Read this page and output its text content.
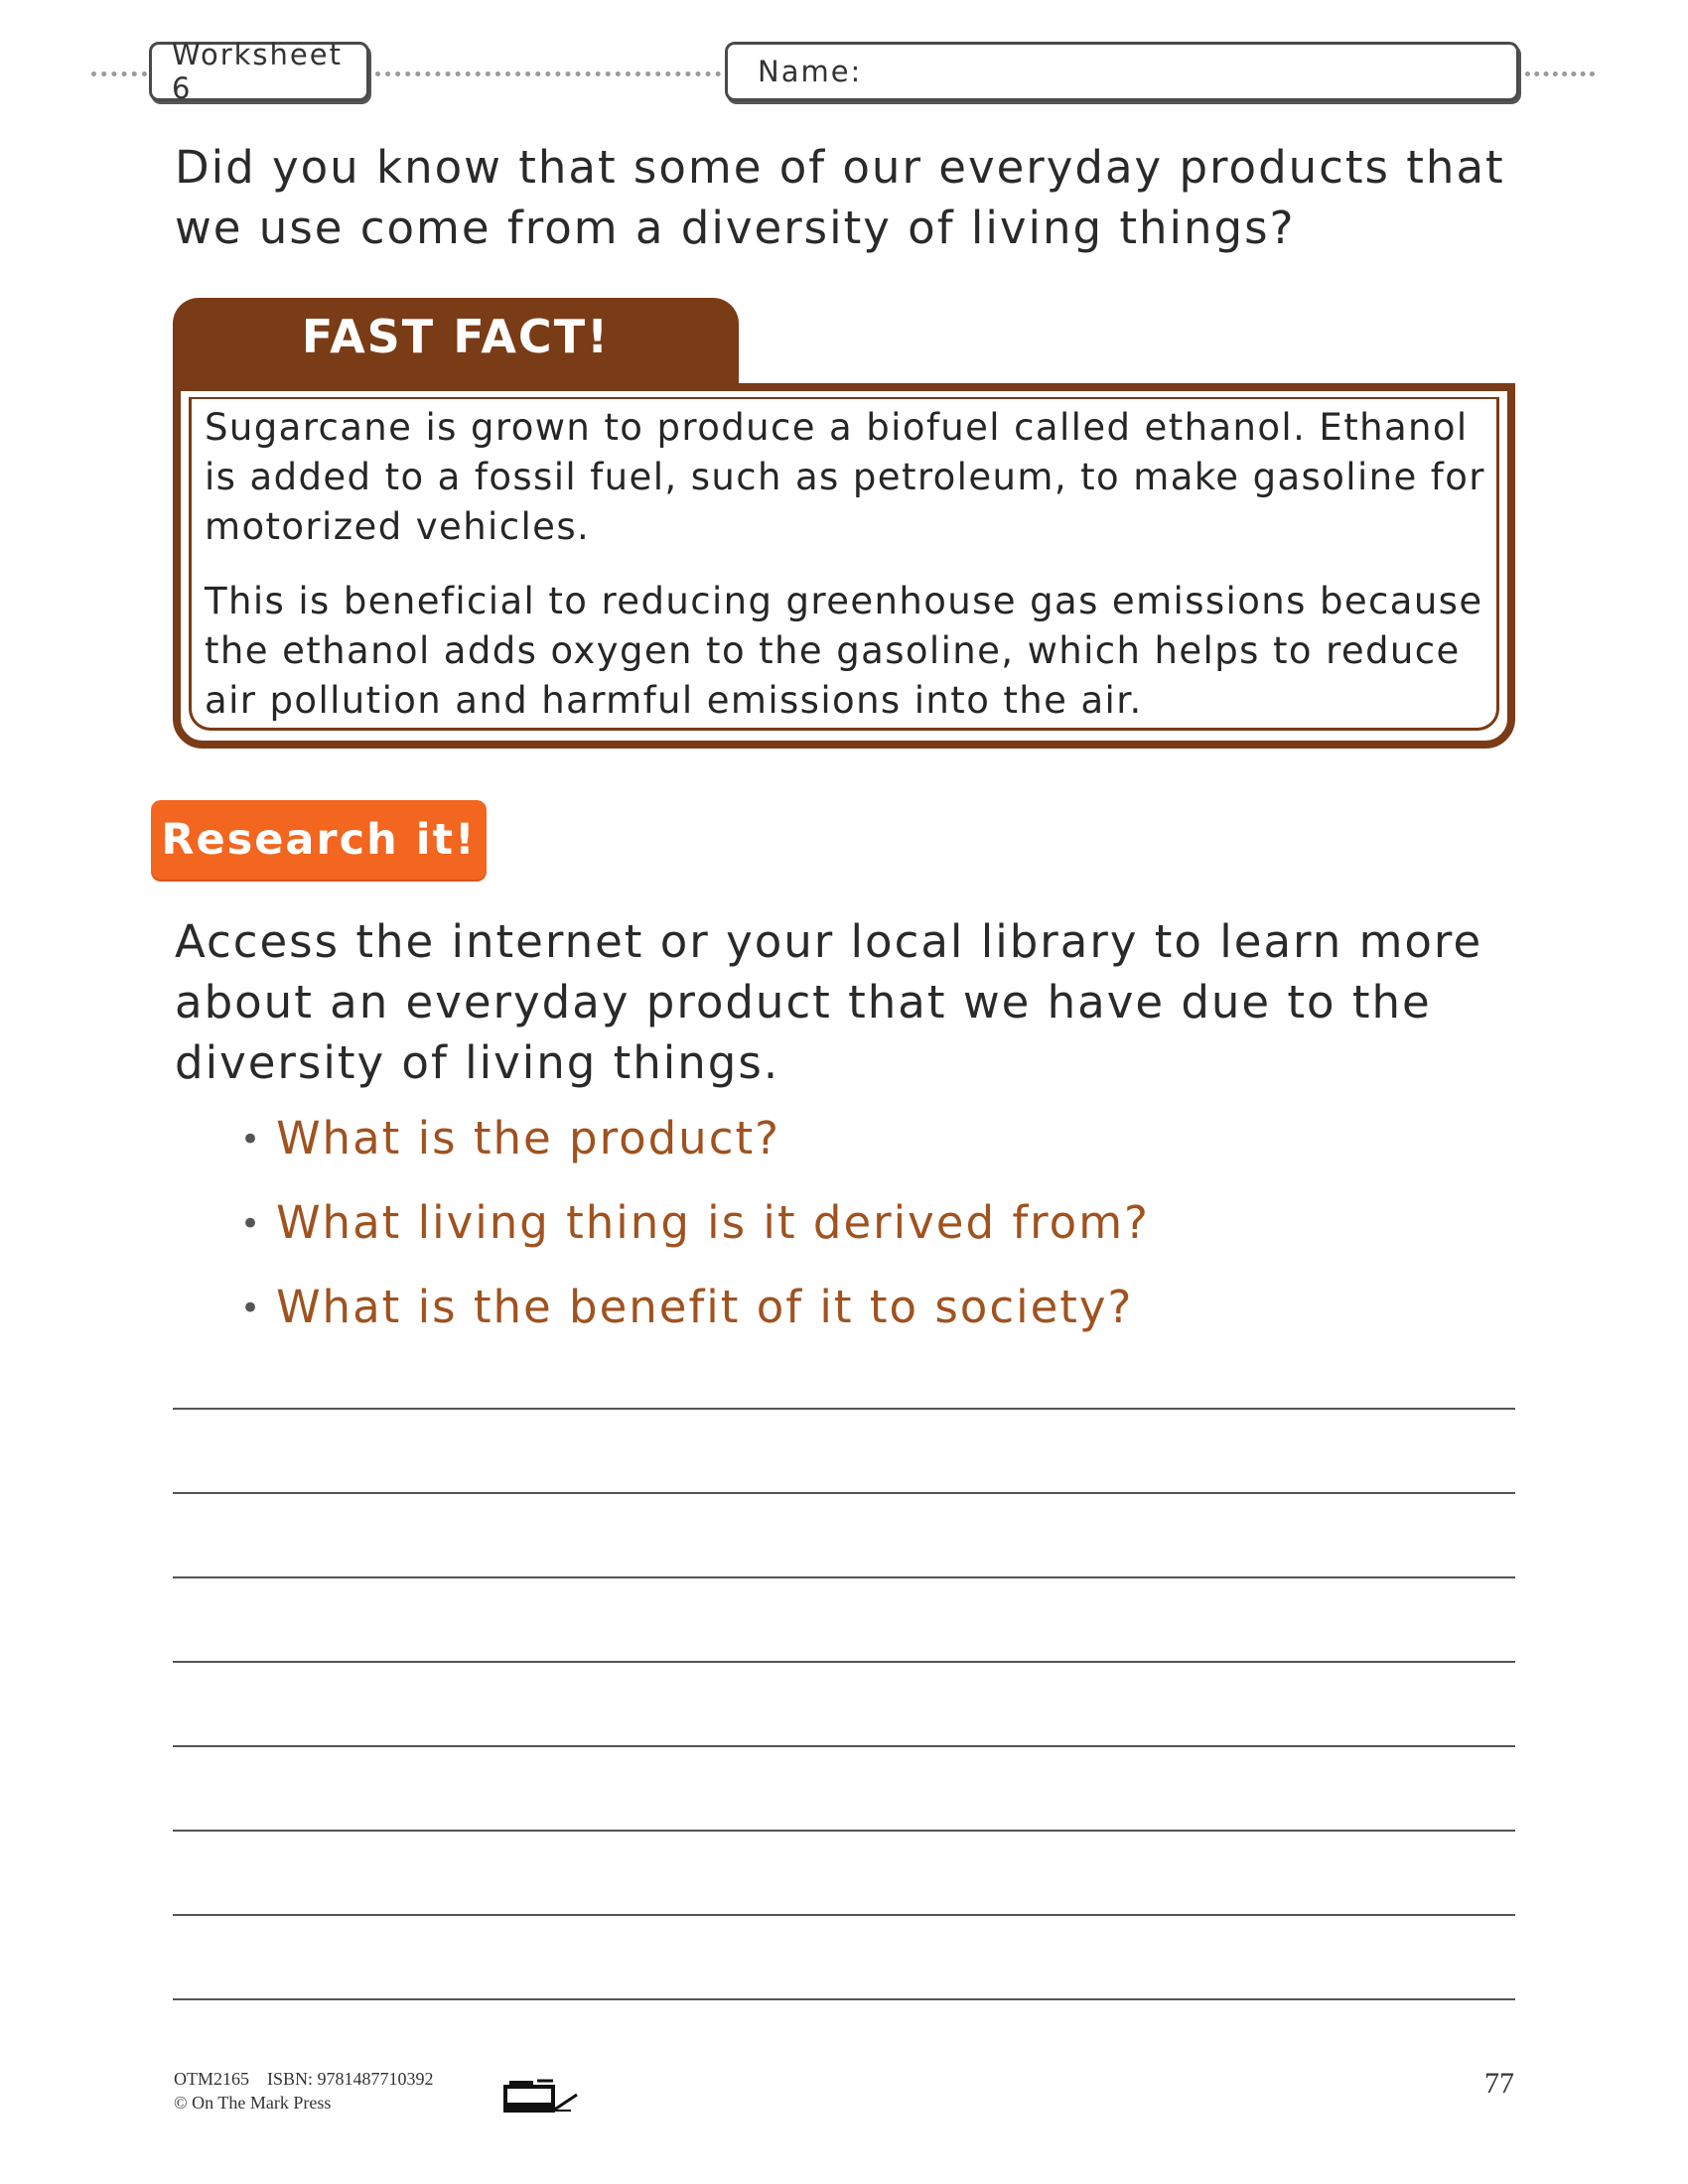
Worksheet 6	Name:

Did you know that some of our everyday products that we use come from a diversity of living things?

FAST FACT!

Sugarcane is grown to produce a biofuel called ethanol. Ethanol is added to a fossil fuel, such as petroleum, to make gasoline for motorized vehicles.

This is beneficial to reducing greenhouse gas emissions because the ethanol adds oxygen to the gasoline, which helps to reduce air pollution and harmful emissions into the air.

Research it!

Access the internet or your local library to learn more about an everyday product that we have due to the diversity of living things.

• What is the product?
• What living thing is it derived from?
• What is the benefit of it to society?
OTM2165    ISBN: 9781487710392
© On The Mark Press
77
